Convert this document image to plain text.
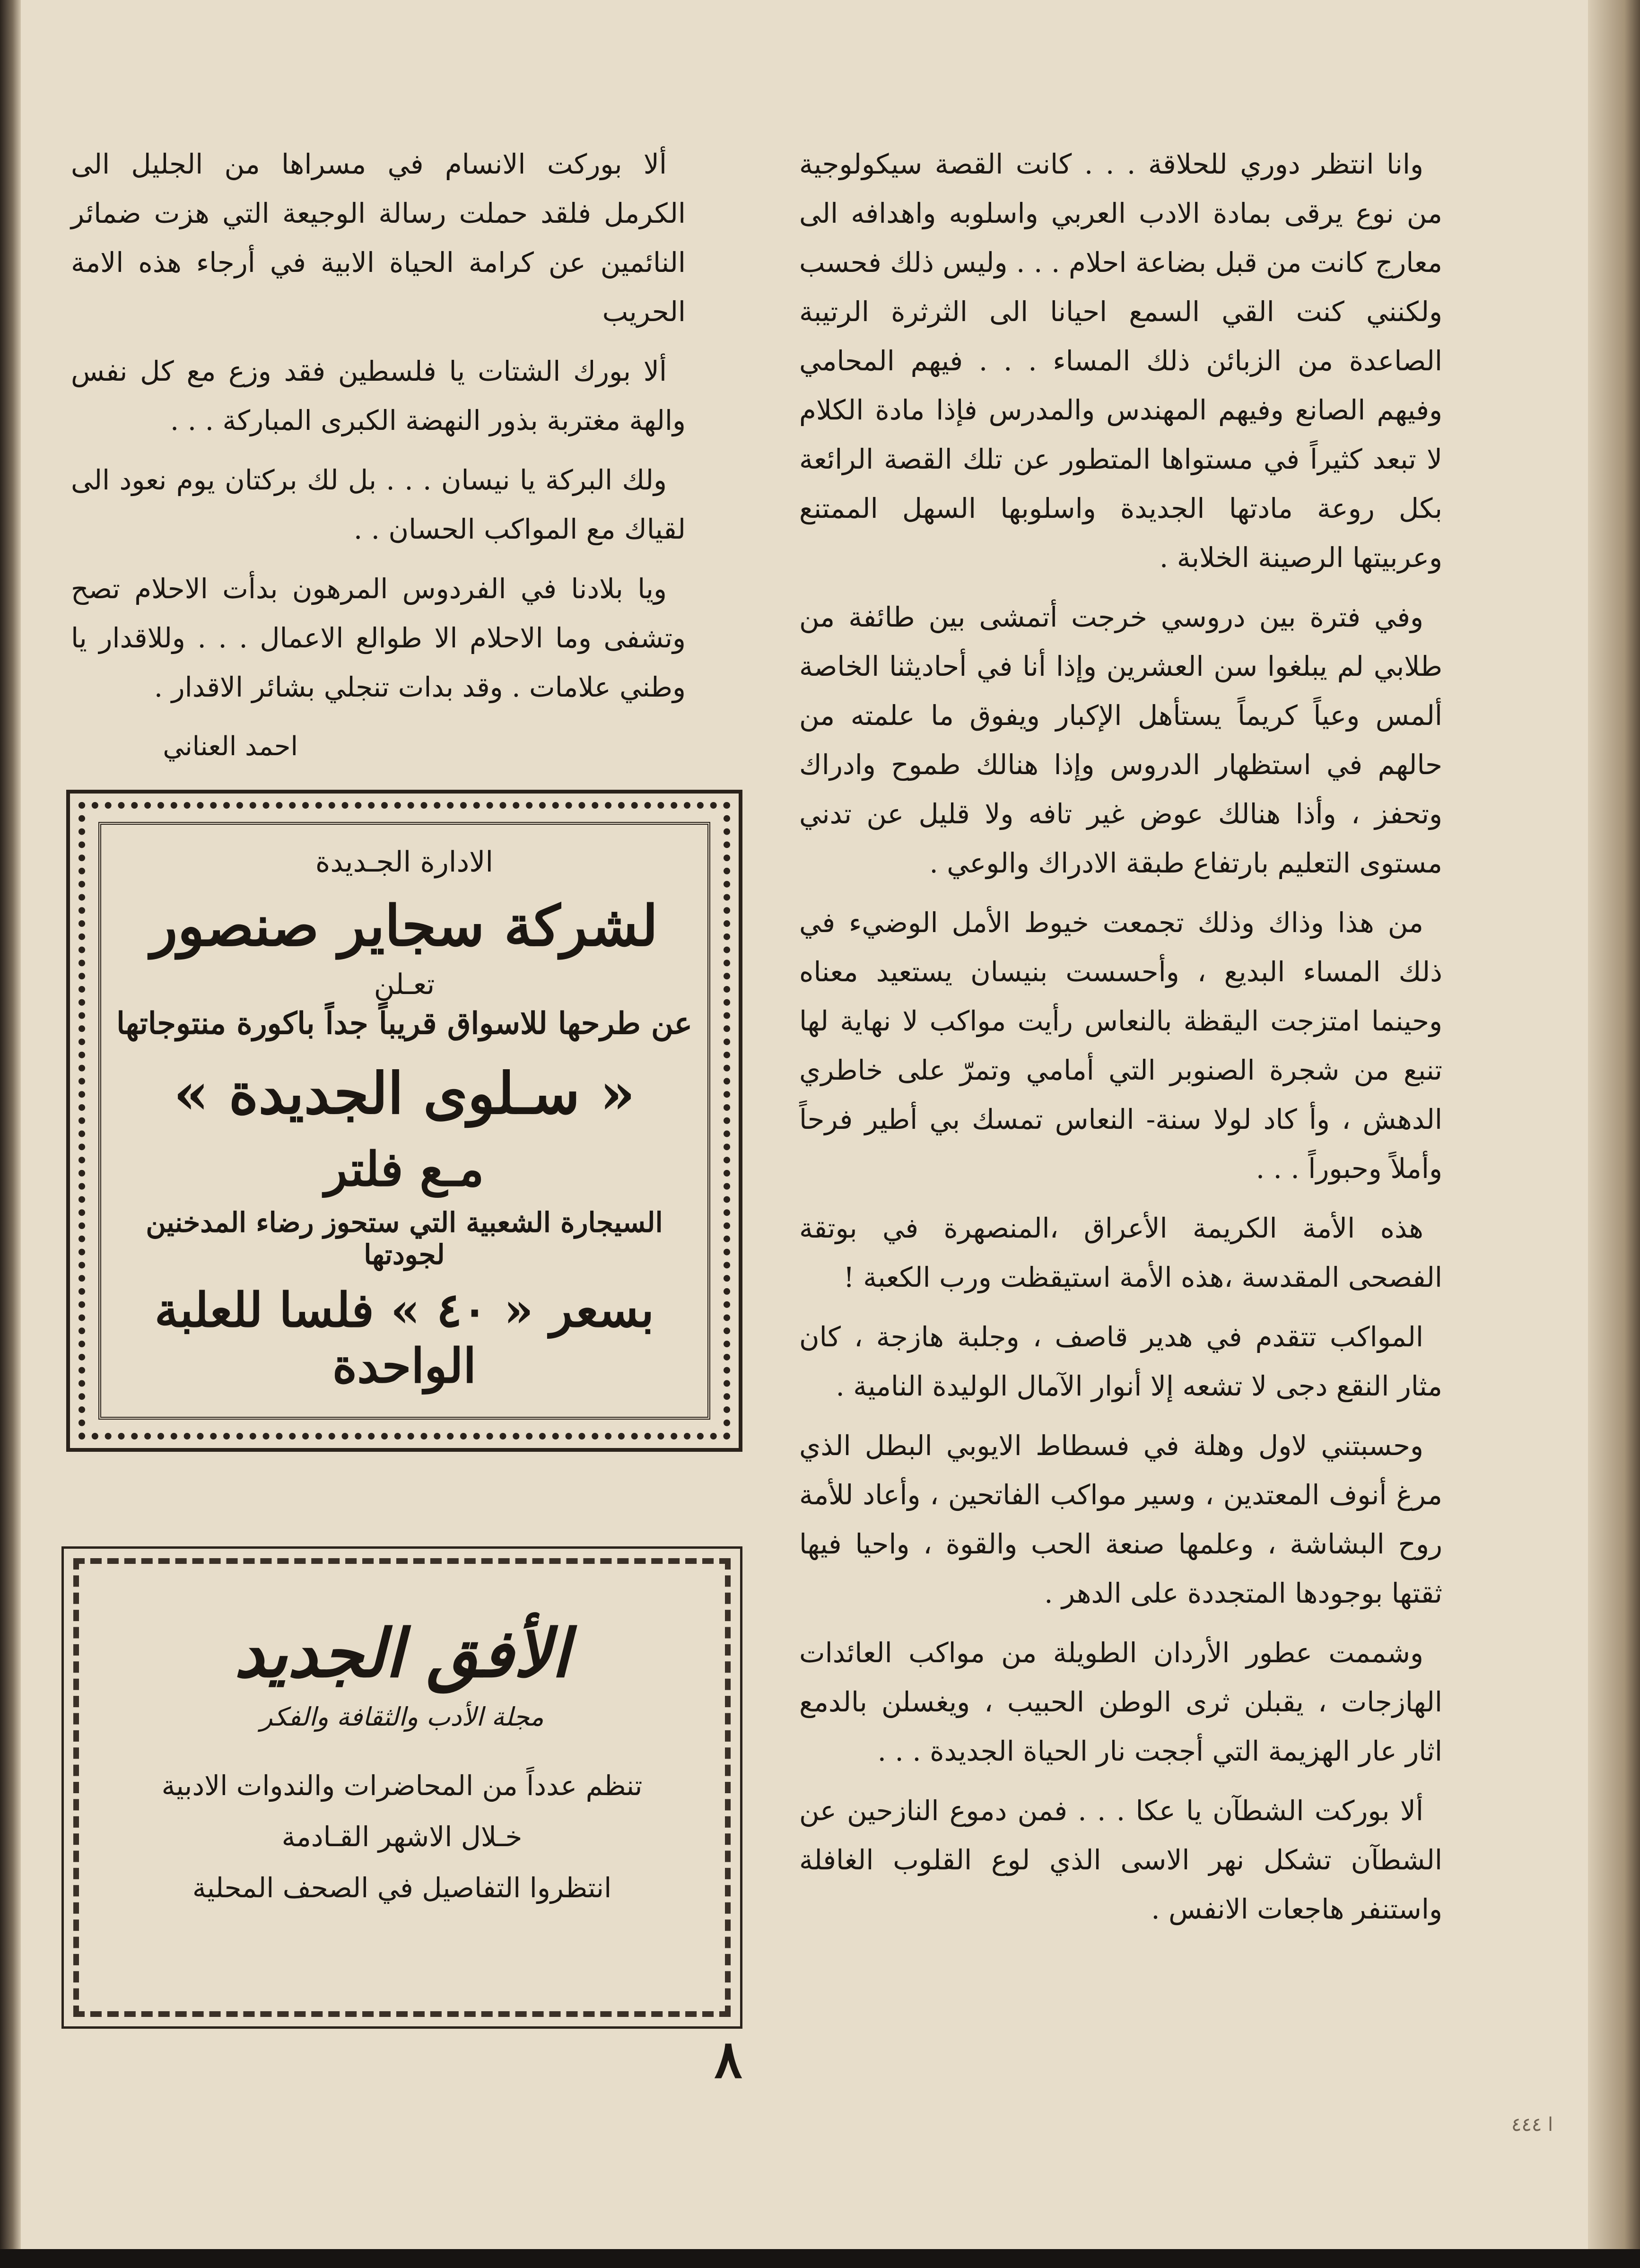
وانا انتظر دوري للحلاقة . . . كانت القصة سيكولوجية من نوع يرقى بمادة الادب العربي واسلوبه واهدافه الى معارج كانت من قبل بضاعة احلام . . . وليس ذلك فحسب ولكنني كنت القي السمع احيانا الى الثرثرة الرتيبة الصاعدة من الزبائن ذلك المساء . . . فيهم المحامي وفيهم الصانع وفيهم المهندس والمدرس فإذا مادة الكلام لا تبعد كثيراً في مستواها المتطور عن تلك القصة الرائعة بكل روعة مادتها الجديدة واسلوبها السهل الممتنع وعربيتها الرصينة الخلابة .

وفي فترة بين دروسي خرجت أتمشى بين طائفة من طلابي لم يبلغوا سن العشرين وإذا أنا في أحاديثنا الخاصة ألمس وعياً كريماً يستأهل الإكبار ويفوق ما علمته من حالهم في استظهار الدروس وإذا هنالك طموح وادراك وتحفز ، وأذا هنالك عوض غير تافه ولا قليل عن تدني مستوى التعليم بارتفاع طبقة الادراك والوعي .

من هذا وذاك وذلك تجمعت خيوط الأمل الوضيء في ذلك المساء البديع ، وأحسست بنيسان يستعيد معناه وحينما امتزجت اليقظة بالنعاس رأيت مواكب لا نهاية لها تنبع من شجرة الصنوبر التي أمامي وتمرّ على خاطري الدهش ، وأ كاد لولا سنة- النعاس تمسك بي أطير فرحاً وأملاً وحبوراً . . .

هذه الأمة الكريمة الأعراق ،المنصهرة في بوتقة الفصحى المقدسة ،هذه الأمة استيقظت ورب الكعبة !

المواكب تتقدم في هدير قاصف ، وجلبة هازجة ، كان مثار النقع دجى لا تشعه إلا أنوار الآمال الوليدة النامية .

وحسبتني لاول وهلة في فسطاط الايوبي البطل الذي مرغ أنوف المعتدين ، وسير مواكب الفاتحين ، وأعاد للأمة روح البشاشة ، وعلمها صنعة الحب والقوة ، واحيا فيها ثقتها بوجودها المتجددة على الدهر .

وشممت عطور الأردان الطويلة من مواكب العائدات الهازجات ، يقبلن ثرى الوطن الحبيب ، ويغسلن بالدمع اثار عار الهزيمة التي أججت نار الحياة الجديدة . . .

ألا بوركت الشطآن يا عكا . . . فمن دموع النازحين عن الشطآن تشكل نهر الاسى الذي لوع القلوب الغافلة واستنفر هاجعات الانفس .

ألا بوركت الانسام في مسراها من الجليل الى الكرمل فلقد حملت رسالة الوجيعة التي هزت ضمائر النائمين عن كرامة الحياة الابية في أرجاء هذه الامة الحريب

ألا بورك الشتات يا فلسطين فقد وزع مع كل نفس والهة مغتربة بذور النهضة الكبرى المباركة . . .

ولك البركة يا نيسان . . . بل لك بركتان يوم نعود الى لقياك مع المواكب الحسان . .

ويا بلادنا في الفردوس المرهون بدأت الاحلام تصح وتشفى وما الاحلام الا طوالع الاعمال . . . وللاقدار يا وطني علامات . وقد بدات تنجلي بشائر الاقدار .

احمد العناني
الادارة الجـديدة
لشركة سجاير صنصور
تعـلن
عن طرحها للاسواق قريباً جداً باكورة منتوجاتها
« سـلوى الجديدة »
مـع فلتر
السيجارة الشعبية التي ستحوز رضاء المدخنين لجودتها
بسعر « ٤٠ » فلسا للعلبة الواحدة
الأفق الجديد
مجلة الأدب والثقافة والفكر
تنظم عدداً من المحاضرات والندوات الادبية
خـلال الاشهر القـادمة
انتظروا التفاصيل في الصحف المحلية
٨
ا ٤٤٤
